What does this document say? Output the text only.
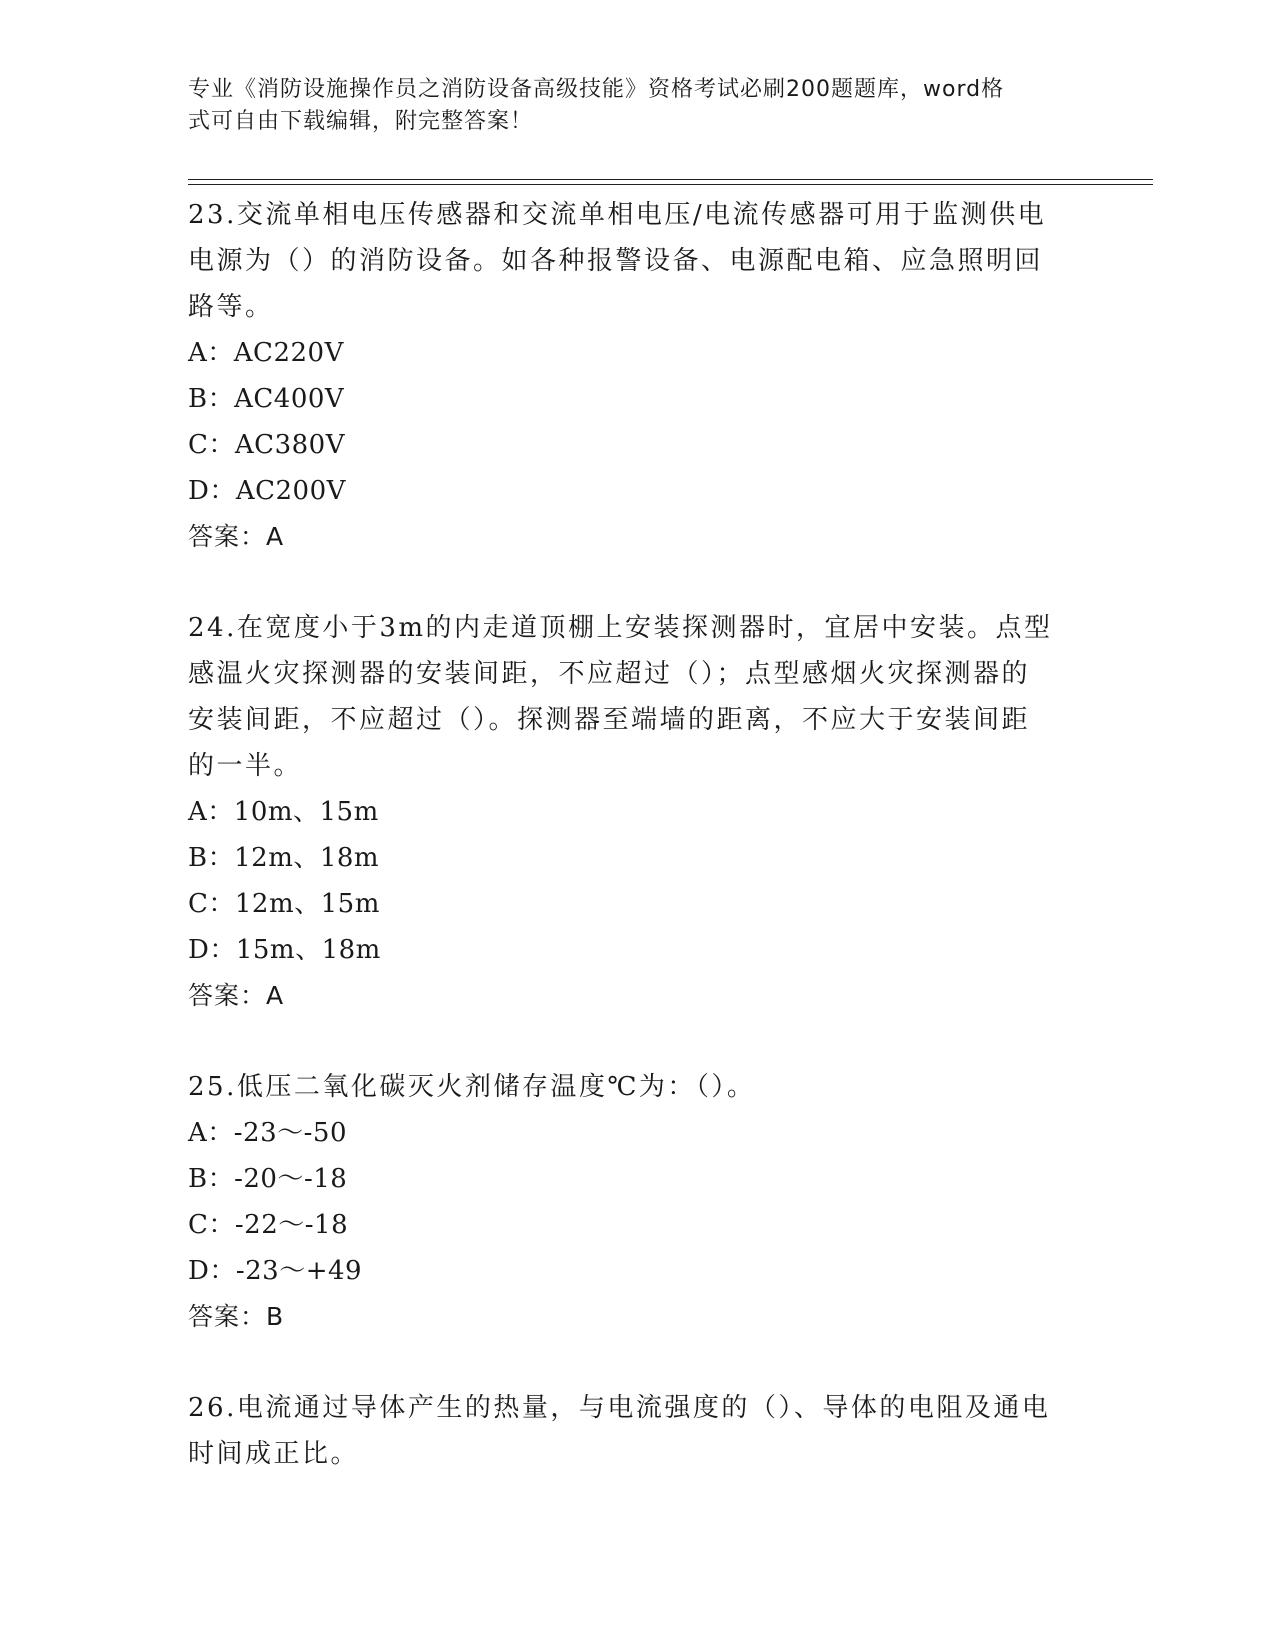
专业《消防设施操作员之消防设备高级技能》资格考试必刷200题题库，word格
式可自由下载编辑，附完整答案！

23.交流单相电压传感器和交流单相电压/电流传感器可用于监测供电

电源为（）的消防设备。如各种报警设备、电源配电箱、应急照明回

路等。

A：AC220V

B：AC400V

C：AC380V

D：AC200V

答案：A

24.在宽度小于3m的内走道顶棚上安装探测器时，宜居中安装。点型

感温火灾探测器的安装间距，不应超过（）；点型感烟火灾探测器的

安装间距，不应超过（）。探测器至端墙的距离，不应大于安装间距

的一半。

A：10m、15m

B：12m、18m

C：12m、15m

D：15m、18m

答案：A

25.低压二氧化碳灭火剂储存温度℃为：（）。

A：-23～-50

B：-20～-18

C：-22～-18

D：-23～+49

答案：B

26.电流通过导体产生的热量，与电流强度的（）、导体的电阻及通电

时间成正比。
